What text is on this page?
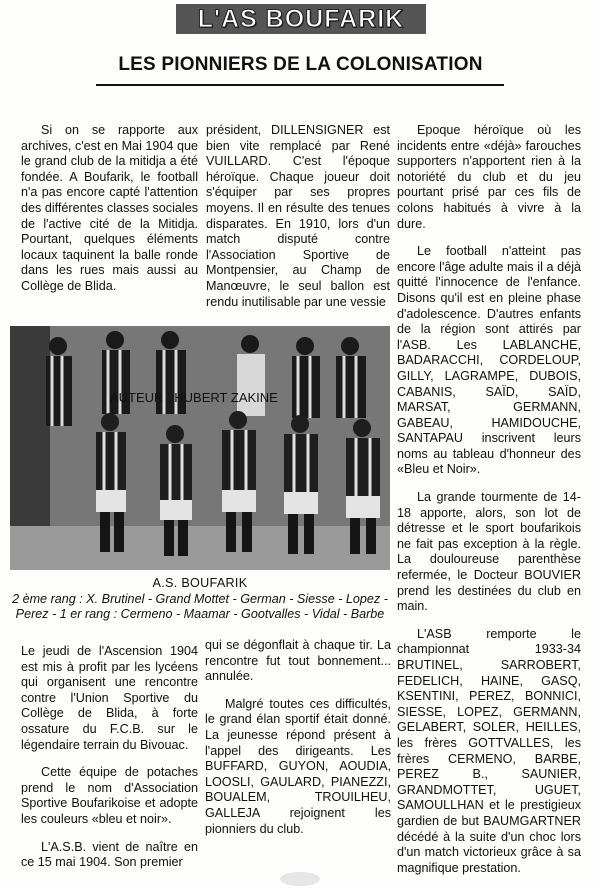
L'AS BOUFARIK
LES PIONNIERS DE LA COLONISATION

Si on se rapporte aux archives, c'est en Mai 1904 que le grand club de la mitidja a été fondée. A Boufarik, le football n'a pas encore capté l'attention des différentes classes sociales de l'active cité de la Mitidja. Pourtant, quelques éléments locaux taquinent la balle ronde dans les rues mais aussi au Collège de Blida.

président, DILLENSIGNER est bien vite remplacé par René VUILLARD. C'est l'époque héroïque. Chaque joueur doit s'équiper par ses propres moyens. Il en résulte des tenues disparates. En 1910, lors d'un match disputé contre l'Association Sportive de Montpensier, au Champ de Manœuvre, le seul ballon est rendu inutilisable par une vessie

Epoque héroïque où les incidents entre «déjà» farouches supporters n'apportent rien à la notoriété du club et du jeu pourtant prisé par ces fils de colons habitués à vivre à la dure.

Le football n'atteint pas encore l'âge adulte mais il a déjà quitté l'innocence de l'enfance. Disons qu'il est en pleine phase d'adolescence. D'autres enfants de la région sont attirés par l'ASB. Les LABLANCHE, BADARACCHI, CORDELOUP, GILLY, LAGRAMPE, DUBOIS, CABANIS, SAÏD, SAÏD, MARSAT, GERMANN, GABEAU, HAMIDOUCHE, SANTAPAU inscrivent leurs noms au tableau d'honneur des «Bleu et Noir».

La grande tourmente de 14-18 apporte, alors, son lot de détresse et le sport boufarikois ne fait pas exception à la règle. La douloureuse parenthèse refermée, le Docteur BOUVIER prend les destinées du club en main.

L'ASB remporte le championnat 1933-34 BRUTINEL, SARROBERT, FEDELICH, HAINE, GASQ, KSENTINI, PEREZ, BONNICI, SIESSE, LOPEZ, GERMANN, GELABERT, SOLER, HEILLES, les frères GOTTVALLES, les frères CERMENO, BARBE, PEREZ B., SAUNIER, GRANDMOTTET, UGUET, SAMOULLHAN et le prestigieux gardien de but BAUMGARTNER décédé à la suite d'un choc lors d'un match victorieux grâce à sa magnifique prestation.

AUTEUR : HUBERT ZAKINE
A.S. BOUFARIK
2 ème rang : X. Brutinel - Grand Mottet - German - Siesse - Lopez - Perez - 1 er rang : Cermeno - Maamar - Gootvalles - Vidal - Barbe

Le jeudi de l'Ascension 1904 est mis à profit par les lycéens qui organisent une rencontre contre l'Union Sportive du Collège de Blida, à forte ossature du F.C.B. sur le légendaire terrain du Bivouac.

Cette équipe de potaches prend le nom d'Association Sportive Boufarikoise et adopte les couleurs «bleu et noir».

L'A.S.B. vient de naître en ce 15 mai 1904. Son premier

qui se dégonflait à chaque tir. La rencontre fut tout bonnement... annulée.

Malgré toutes ces difficultés, le grand élan sportif était donné. La jeunesse répond présent à l'appel des dirigeants. Les BUFFARD, GUYON, AOUDIA, LOOSLI, GAULARD, PIANEZZI, BOUALEM, TROUILHEU, GALLEJA rejoignent les pionniers du club.
